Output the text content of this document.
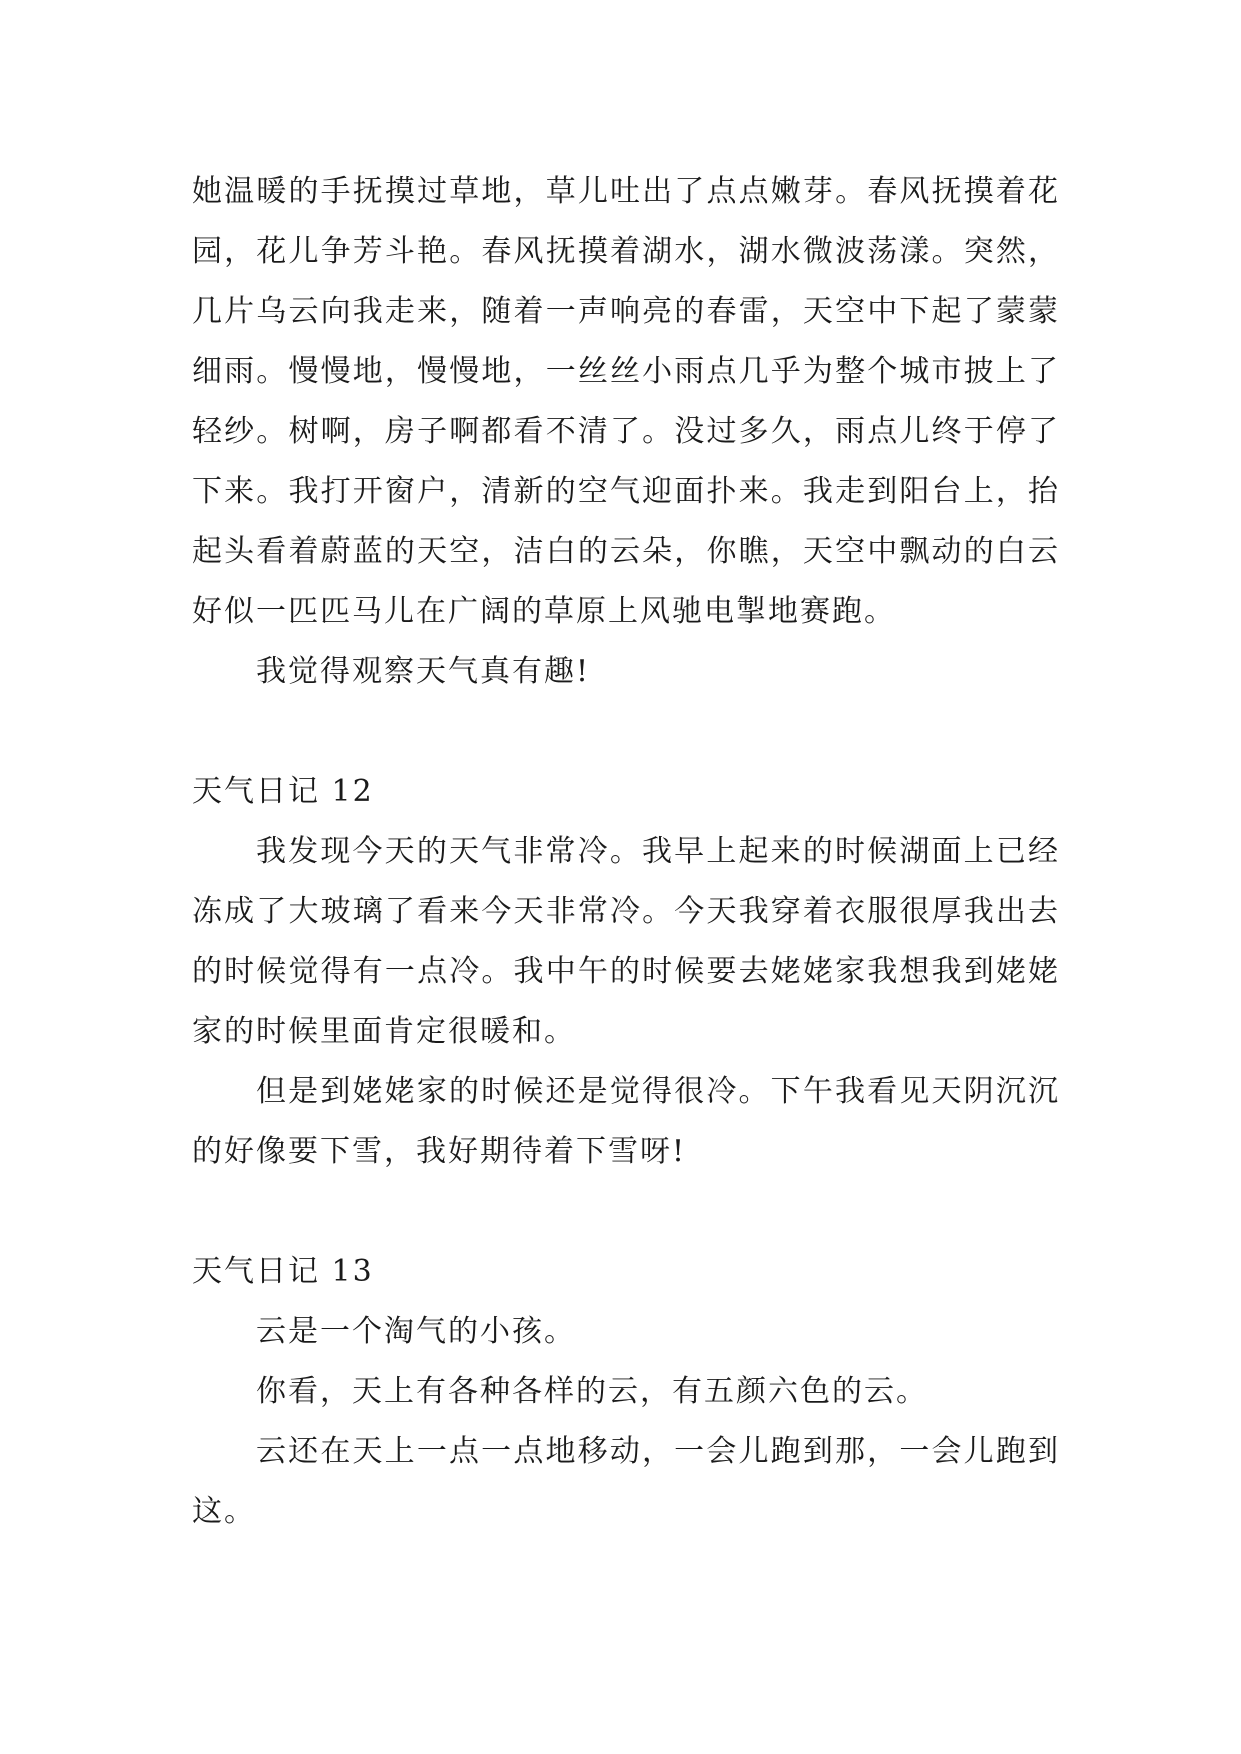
她温暖的手抚摸过草地，草儿吐出了点点嫩芽。春风抚摸着花园，花儿争芳斗艳。春风抚摸着湖水，湖水微波荡漾。突然，几片乌云向我走来，随着一声响亮的春雷，天空中下起了蒙蒙细雨。慢慢地，慢慢地，一丝丝小雨点几乎为整个城市披上了轻纱。树啊，房子啊都看不清了。没过多久，雨点儿终于停了下来。我打开窗户，清新的空气迎面扑来。我走到阳台上，抬起头看着蔚蓝的天空，洁白的云朵，你瞧，天空中飘动的白云好似一匹匹马儿在广阔的草原上风驰电掣地赛跑。

我觉得观察天气真有趣!

天气日记 12

我发现今天的天气非常冷。我早上起来的时候湖面上已经冻成了大玻璃了看来今天非常冷。今天我穿着衣服很厚我出去的时候觉得有一点冷。我中午的时候要去姥姥家我想我到姥姥家的时候里面肯定很暖和。

但是到姥姥家的时候还是觉得很冷。下午我看见天阴沉沉的好像要下雪，我好期待着下雪呀!

天气日记 13

云是一个淘气的小孩。

你看，天上有各种各样的云，有五颜六色的云。

云还在天上一点一点地移动，一会儿跑到那，一会儿跑到这。
